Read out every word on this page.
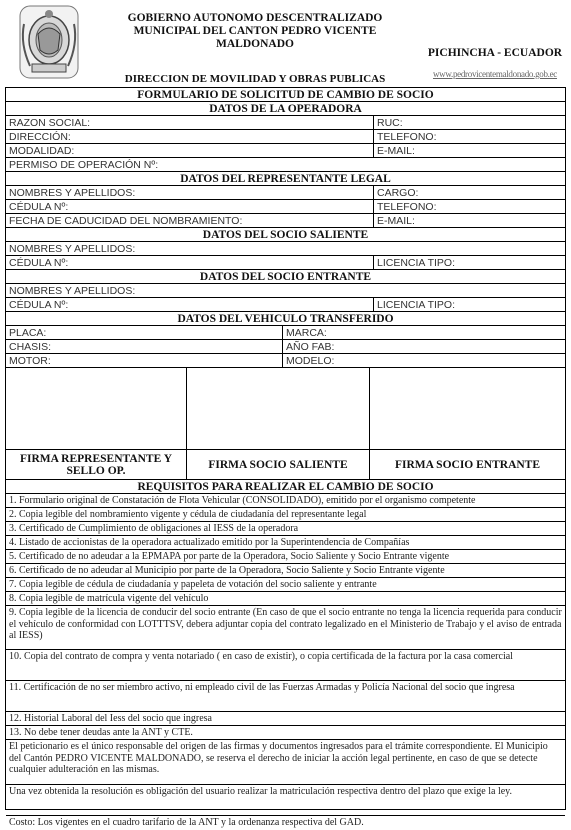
GOBIERNO AUTONOMO DESCENTRALIZADO
MUNICIPAL DEL CANTON PEDRO VICENTE
MALDONADO
PICHINCHA - ECUADOR
www.pedrovicentemaldonado.gob.ec
DIRECCION DE MOVILIDAD Y OBRAS PUBLICAS
FORMULARIO DE SOLICITUD DE CAMBIO DE SOCIO
DATOS DE LA OPERADORA
RAZON SOCIAL:	RUC:
DIRECCIÓN:	TELEFONO:
MODALIDAD:	E-MAIL:
PERMISO DE OPERACIÓN Nº:
DATOS DEL REPRESENTANTE LEGAL
NOMBRES Y APELLIDOS:	CARGO:
CÉDULA Nº:	TELEFONO:
FECHA DE CADUCIDAD DEL NOMBRAMIENTO:	E-MAIL:
DATOS DEL SOCIO SALIENTE
NOMBRES Y APELLIDOS:
CÉDULA Nº:	LICENCIA TIPO:
DATOS DEL SOCIO ENTRANTE
NOMBRES Y APELLIDOS:
CÉDULA Nº:	LICENCIA TIPO:
DATOS DEL VEHICULO TRANSFERIDO
PLACA:	MARCA:
CHASIS:	AÑO FAB:
MOTOR:	MODELO:
FIRMA REPRESENTANTE Y SELLO OP.	FIRMA SOCIO SALIENTE	FIRMA SOCIO ENTRANTE
REQUISITOS PARA REALIZAR EL CAMBIO DE SOCIO
1. Formulario original de Constatación de Flota Vehicular (CONSOLIDADO), emitido por el organismo competente
2. Copia legible del nombramiento vigente y cédula de ciudadanía del representante legal
3. Certificado de Cumplimiento de obligaciones al IESS de la operadora
4. Listado de accionistas de la operadora actualizado emitido por la Superintendencia de Compañías
5. Certificado de no adeudar a la EPMAPA por parte de la Operadora, Socio Saliente y Socio Entrante vigente
6. Certificado de no adeudar al Municipio por parte de la Operadora, Socio Saliente y Socio Entrante vigente
7. Copia legible de cédula de ciudadanía y papeleta de votación del socio saliente y entrante
8. Copia legible de matrícula vigente del vehículo
9. Copia legible de la licencia de conducir del socio entrante (En caso de que el socio entrante no tenga la licencia requerida para conducir el vehículo de conformidad con LOTTTSV, debera adjuntar copia del contrato legalizado en el Ministerio de Trabajo y el aviso de entrada al IESS)
10. Copia del contrato de compra y venta notariado ( en caso de existir), o copia certificada de la factura por la casa comercial
11. Certificación de no ser miembro activo, ni empleado civil de las Fuerzas Armadas y Policía Nacional del socio que ingresa
12. Historial Laboral del Iess del socio que ingresa
13. No debe tener deudas ante la ANT y CTE.
El peticionario es el único responsable del origen de las firmas y documentos ingresados para el trámite correspondiente. El Municipio del Cantón PEDRO VICENTE MALDONADO, se reserva el derecho de iniciar la acción legal pertinente, en caso de que se detecte cualquier adulteración en las mismas.
Una vez obtenida la resolución es obligación del usuario realizar la matriculación respectiva dentro del plazo que exige la ley.
Costo: Los vigentes en el cuadro tarifario de la ANT y la ordenanza respectiva del GAD.
